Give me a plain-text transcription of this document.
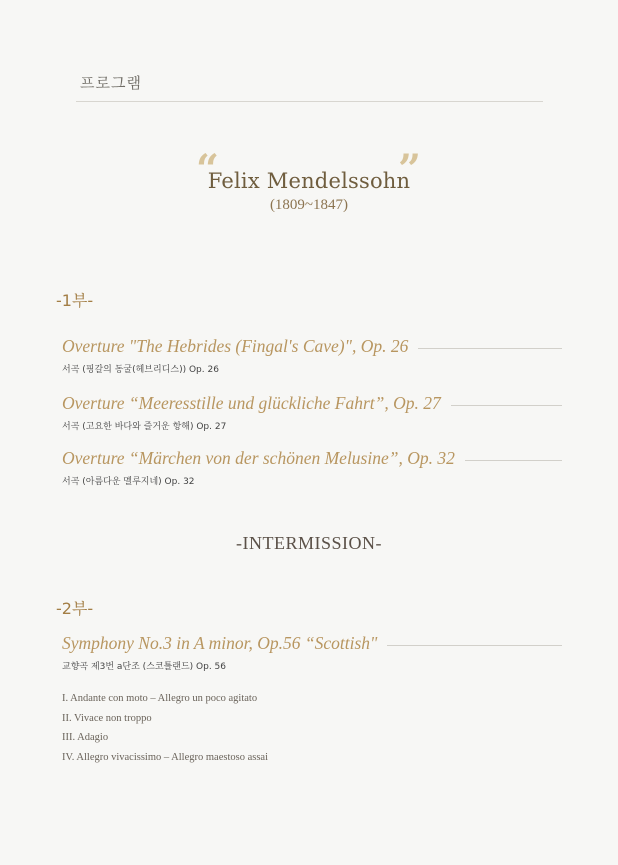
프로그램
“	”
Felix Mendelssohn
(1809~1847)
-1부-
Overture "The Hebrides (Fingal's Cave)", Op. 26
서곡 (핑갈의 동굴(헤브리디스)) Op. 26
Overture “Meeresstille und glückliche Fahrt”, Op. 27
서곡 (고요한 바다와 즐거운 항해) Op. 27
Overture “Märchen von der schönen Melusine”, Op. 32
서곡 (아름다운 멜루지네) Op. 32
-INTERMISSION-
-2부-
Symphony No.3 in A minor, Op.56 “Scottish"
교향곡 제3번 a단조 (스코틀랜드) Op. 56
I. Andante con moto – Allegro un poco agitato
II. Vivace non troppo
III. Adagio
IV. Allegro vivacissimo – Allegro maestoso assai
